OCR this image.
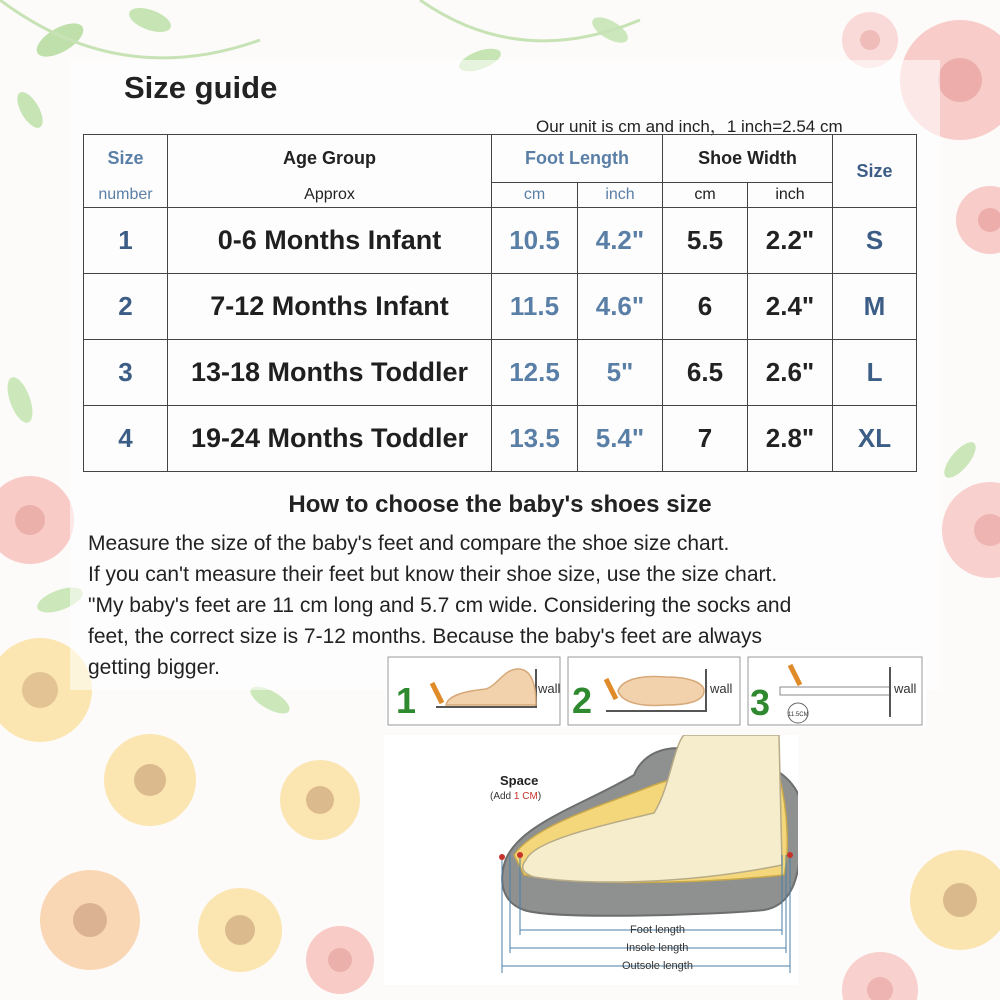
Size guide
Our unit is cm and inch，1 inch=2.54 cm
Size	Age Group	Foot Length		Shoe Width		Size
number	Approx	cm	inch	cm	inch	
1	0-6 Months Infant	10.5	4.2"	5.5	2.2"	S
2	7-12 Months Infant	11.5	4.6"	6	2.4"	M
3	13-18 Months Toddler	12.5	5"	6.5	2.6"	L
4	19-24 Months Toddler	13.5	5.4"	7	2.8"	XL
How to choose the baby's shoes size
Measure the size of the baby's feet and compare the shoe size chart.
If you can't measure their feet but know their shoe size, use the size chart.
"My baby's feet are 11 cm long and 5.7 cm wide. Considering the socks and
feet, the correct size is 7-12 months. Because the baby's feet are always
getting bigger.
1	wall 2	wall 3	11.5CM
wall
Space
(Add 1 CM)
Foot length
Insole length
Outsole length
